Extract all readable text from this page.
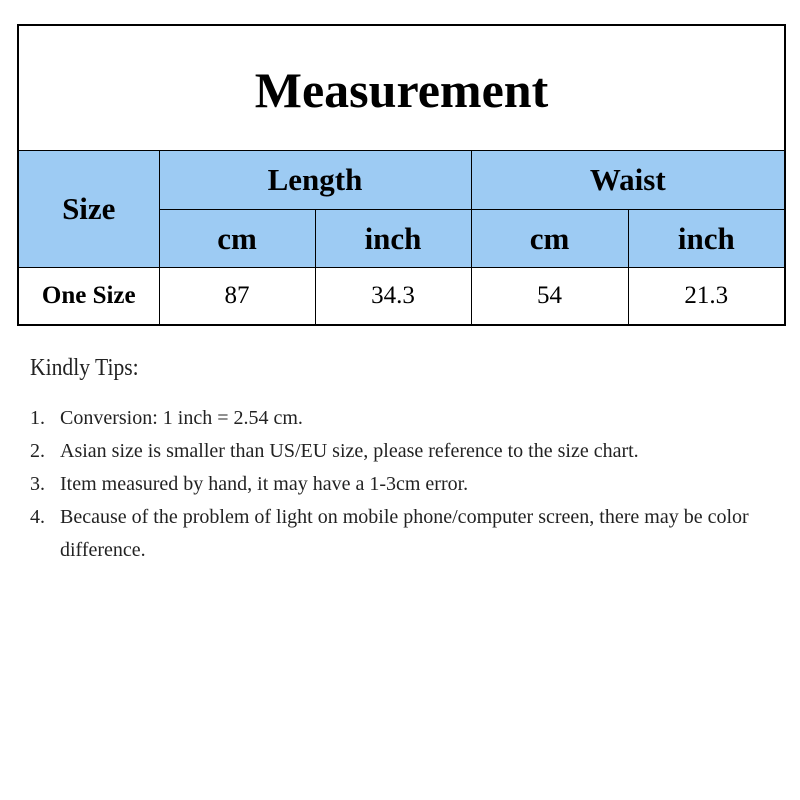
Measurement				
Size	Length		Waist	
	cm	inch	cm	inch
One Size	87	34.3	54	21.3
Kindly Tips:
1. Conversion: 1 inch = 2.54 cm.
2. Asian size is smaller than US/EU size, please reference to the size chart.
3. Item measured by hand, it may have a 1-3cm error.
4. Because of the problem of light on mobile phone/computer screen, there may be color difference.
